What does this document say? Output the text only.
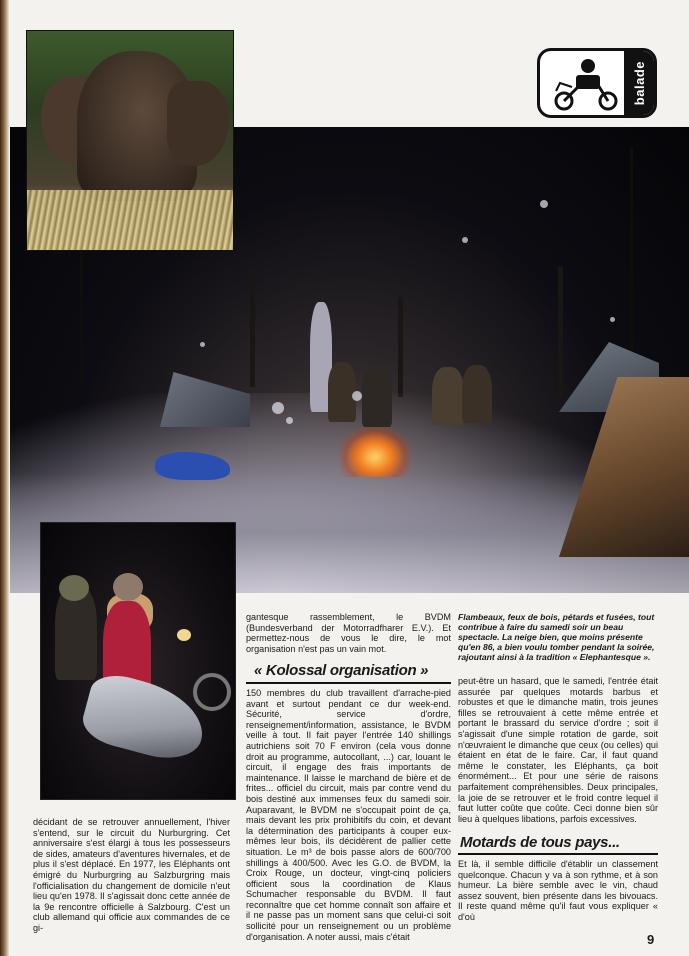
balade
Flambeaux, feux de bois, pétards et fusées, tout contribue à faire du samedi soir un beau spectacle. La neige bien, que moins présente qu'en 86, a bien voulu tomber pendant la soirée, rajoutant ainsi à la tradition « Elephantesque ».

décidant de se retrouver annuellement, l'hiver s'entend, sur le circuit du Nurburgring. Cet anniversaire s'est élargi à tous les possesseurs de sides, amateurs d'aventures hivernales, et de plus il s'est déplacé. En 1977, les Eléphants ont émigré du Nurburgring au Salzburgring mais l'officialisation du changement de domicile n'eut lieu qu'en 1978. Il s'agissait donc cette année de la 9e rencontre officielle à Salzbourg. C'est un club allemand qui officie aux commandes de ce gi-

gantesque rassemblement, le BVDM (Bundesverband der Motorradfharer E.V.). Et permettez-nous de vous le dire, le mot organisation n'est pas un vain mot.

« Kolossal organisation »

150 membres du club travaillent d'arrache-pied avant et surtout pendant ce dur week-end. Sécurité, service d'ordre, renseignement/information, assistance, le BVDM veille à tout. Il fait payer l'entrée 140 shillings autrichiens soit 70 F environ (cela vous donne droit au programme, autocollant, ...) car, louant le circuit, il engage des frais importants de maintenance. Il laisse le marchand de bière et de frites... officiel du circuit, mais par contre vend du bois destiné aux immenses feux du samedi soir. Auparavant, le BVDM ne s'occupait point de ça, mais devant les prix prohibitifs du coin, et devant la détermination des participants à couper eux-mêmes leur bois, ils décidèrent de pallier cette situation. Le m³ de bois passe alors de 600/700 shillings à 400/500. Avec les G.O. de BVDM, la Croix Rouge, un docteur, vingt-cinq policiers officient sous la coordination de Klaus Schumacher responsable du BVDM. Il faut reconnaître que cet homme connaît son affaire et il ne passe pas un moment sans que celui-ci soit sollicité pour un renseignement ou un problème d'organisation. A noter aussi, mais c'était

peut-être un hasard, que le samedi, l'entrée était assurée par quelques motards barbus et robustes et que le dimanche matin, trois jeunes filles se retrouvaient à cette même entrée et portant le brassard du service d'ordre ; soit il s'agissait d'une simple rotation de garde, soit n'œuvraient le dimanche que ceux (ou celles) qui étaient en état de le faire. Car, il faut quand même le constater, les Eléphants, ça boit énormément... Et pour une série de raisons parfaitement compréhensibles. Deux principales, la joie de se retrouver et le froid contre lequel il faut lutter coûte que coûte. Ceci donne bien sûr lieu à quelques libations, parfois excessives.

Motards de tous pays...

Et là, il semble difficile d'établir un classement quelconque. Chacun y va à son rythme, et à son humeur. La bière semble avec le vin, chaud assez souvent, bien présente dans les bivouacs. Il reste quand même qu'il faut vous expliquer « d'où

9
